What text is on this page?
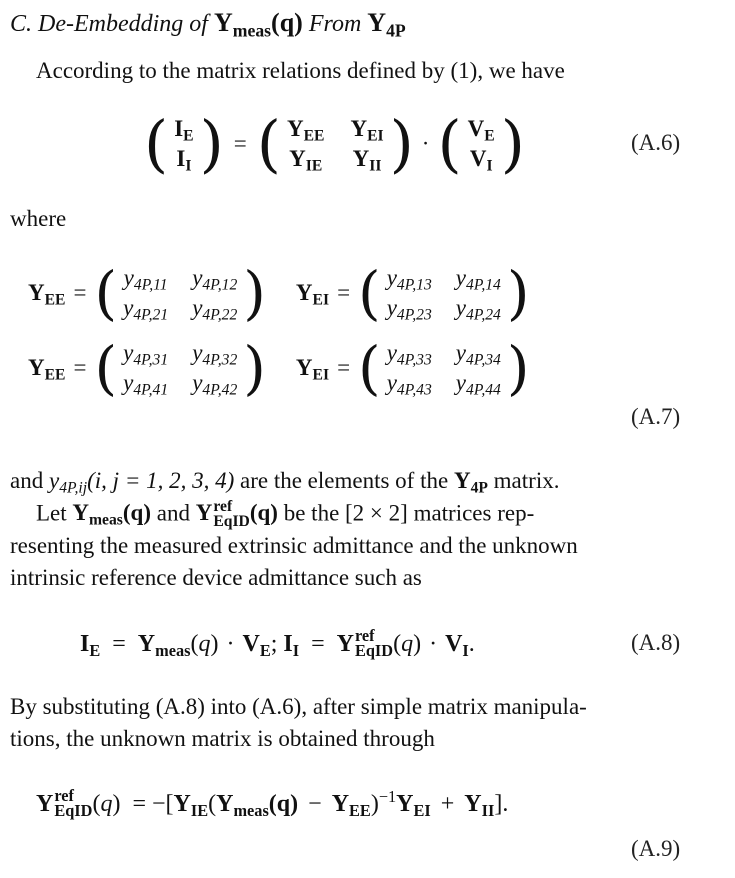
C. De-Embedding of $Y_{meas}(q)$ From $Y_{4P}$
According to the matrix relations defined by (1), we have
( $I_E$
$I_I$ ) = ( $Y_{EE}$ $Y_{EI}$
$Y_{IE}$ $Y_{II}$ ) · ( $V_E$
$V_I$ )	(A.6)
where
$Y_{EE}$ = ( $y_{4P,11}$ $y_{4P,12}$
$y_{4P,21}$ $y_{4P,22}$ ) $Y_{EI}$ = ( $y_{4P,13}$ $y_{4P,14}$
$y_{4P,23}$ $y_{4P,24}$ )
$Y_{EE}$ = ( $y_{4P,31}$ $y_{4P,32}$
$y_{4P,41}$ $y_{4P,42}$ ) $Y_{EI}$ = ( $y_{4P,33}$ $y_{4P,34}$
$y_{4P,43}$ $y_{4P,44}$ )
(A.7)
and $y_{4P,ij}(i$, j = 1, 2, 3, 4) are the elements of the $Y_{4P}$ matrix.
Let $Y_{meas}(q)$ and Y ref
EqID (q) be the [2 × 2] matrices rep-
resenting the measured extrinsic admittance and the unknown
intrinsic reference device admittance such as
$I_E = Y_{meas}(q) \cdot V_E$; $I_I = Y$ ref
EqID $(q) \cdot V_I$.	(A.8)
By substituting (A.8) into (A.6), after simple matrix manipula-
tions, the unknown matrix is obtained through
Y ref
EqID $(q) = -[Y_{IE}(Y_{meas}(q) - Y_{EE})^{-1}Y_{EI} + Y_{II}]$.
(A.9)
